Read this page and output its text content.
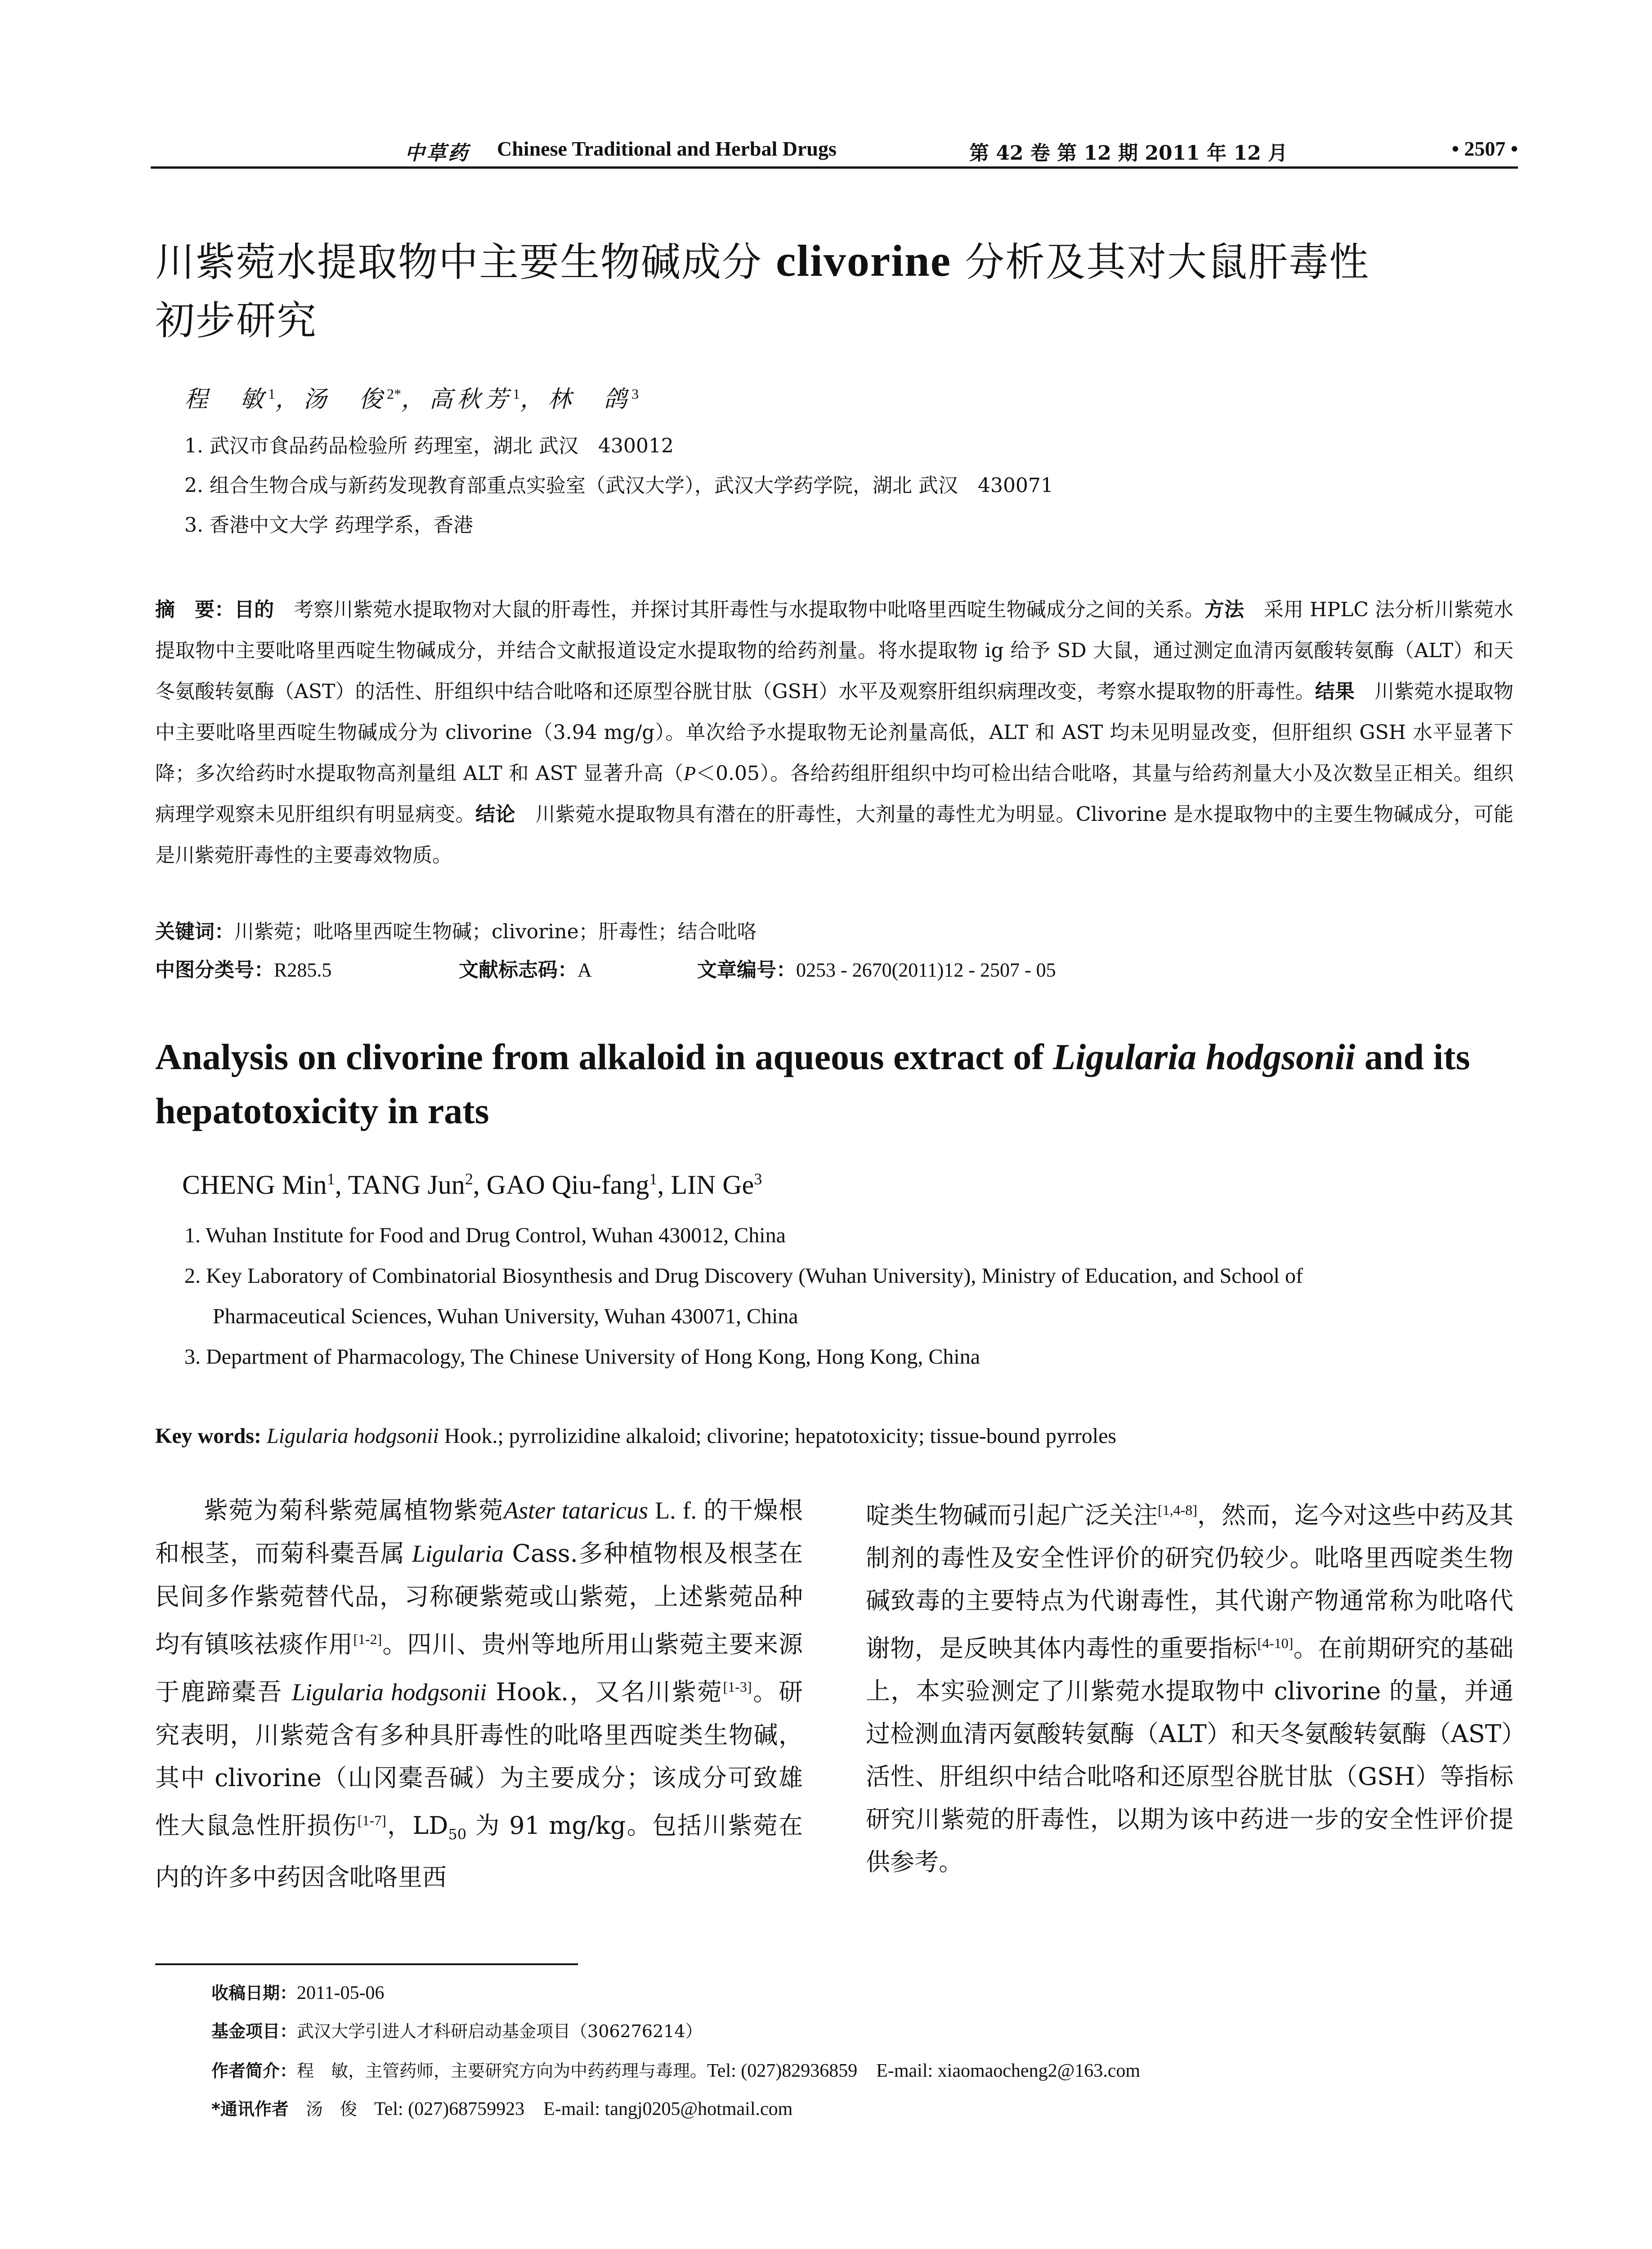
中草药 Chinese Traditional and Herbal Drugs	第 42 卷 第 12 期 2011 年 12 月	• 2507 •
川紫菀水提取物中主要生物碱成分 clivorine 分析及其对大鼠肝毒性
初步研究
程　敏$^1$，汤　俊$^{2*}$，高秋芳$^1$，林　鸽$^3$
1. 武汉市食品药品检验所 药理室，湖北 武汉　430012
2. 组合生物合成与新药发现教育部重点实验室（武汉大学），武汉大学药学院，湖北 武汉　430071
3. 香港中文大学 药理学系，香港
摘　要：目的　考察川紫菀水提取物对大鼠的肝毒性，并探讨其肝毒性与水提取物中吡咯里西啶生物碱成分之间的关系。方法　采用 HPLC 法分析川紫菀水提取物中主要吡咯里西啶生物碱成分，并结合文献报道设定水提取物的给药剂量。将水提取物 ig 给予 SD 大鼠，通过测定血清丙氨酸转氨酶（ALT）和天冬氨酸转氨酶（AST）的活性、肝组织中结合吡咯和还原型谷胱甘肽（GSH）水平及观察肝组织病理改变，考察水提取物的肝毒性。结果　川紫菀水提取物中主要吡咯里西啶生物碱成分为 clivorine（3.94 mg/g）。单次给予水提取物无论剂量高低，ALT 和 AST 均未见明显改变，但肝组织 GSH 水平显著下降；多次给药时水提取物高剂量组 ALT 和 AST 显著升高（P＜0.05）。各给药组肝组织中均可检出结合吡咯，其量与给药剂量大小及次数呈正相关。组织病理学观察未见肝组织有明显病变。结论　川紫菀水提取物具有潜在的肝毒性，大剂量的毒性尤为明显。Clivorine 是水提取物中的主要生物碱成分，可能是川紫菀肝毒性的主要毒效物质。
关键词：川紫菀；吡咯里西啶生物碱；clivorine；肝毒性；结合吡咯
中图分类号：R285.5	文献标志码：A	文章编号：0253 - 2670(2011)12 - 2507 - 05
Analysis on clivorine from alkaloid in aqueous extract of Ligularia hodgsonii and its hepatotoxicity in rats
CHENG Min$^1$, TANG Jun$^2$, GAO Qiu-fang$^1$, LIN Ge$^3$
1. Wuhan Institute for Food and Drug Control, Wuhan 430012, China
2. Key Laboratory of Combinatorial Biosynthesis and Drug Discovery (Wuhan University), Ministry of Education, and School of
Pharmaceutical Sciences, Wuhan University, Wuhan 430071, China
3. Department of Pharmacology, The Chinese University of Hong Kong, Hong Kong, China
Key words: Ligularia hodgsonii Hook.; pyrrolizidine alkaloid; clivorine; hepatotoxicity; tissue-bound pyrroles
紫菀为菊科紫菀属植物紫菀Aster tataricus L. f. 的干燥根和根茎，而菊科橐吾属 Ligularia Cass.多种植物根及根茎在民间多作紫菀替代品，习称硬紫菀或山紫菀，上述紫菀品种均有镇咳祛痰作用[1-2]。四川、贵州等地所用山紫菀主要来源于鹿蹄橐吾 Ligularia hodgsonii Hook.，又名川紫菀[1-3]。研究表明，川紫菀含有多种具肝毒性的吡咯里西啶类生物碱，其中 clivorine（山冈橐吾碱）为主要成分；该成分可致雄性大鼠急性肝损伤[1-7]，$LD_{50}$ 为 91 mg/kg。包括川紫菀在内的许多中药因含吡咯里西
啶类生物碱而引起广泛关注[1,4-8]，然而，迄今对这些中药及其制剂的毒性及安全性评价的研究仍较少。吡咯里西啶类生物碱致毒的主要特点为代谢毒性，其代谢产物通常称为吡咯代谢物，是反映其体内毒性的重要指标[4-10]。在前期研究的基础上，本实验测定了川紫菀水提取物中 clivorine 的量，并通过检测血清丙氨酸转氨酶（ALT）和天冬氨酸转氨酶（AST）活性、肝组织中结合吡咯和还原型谷胱甘肽（GSH）等指标研究川紫菀的肝毒性，以期为该中药进一步的安全性评价提供参考。
收稿日期：2011-05-06
基金项目：武汉大学引进人才科研启动基金项目（306276214）
作者简介：程　敏，主管药师，主要研究方向为中药药理与毒理。Tel: (027)82936859　E-mail: xiaomaocheng2@163.com
*通讯作者　汤　俊　Tel: (027)68759923　E-mail: tangj0205@hotmail.com
